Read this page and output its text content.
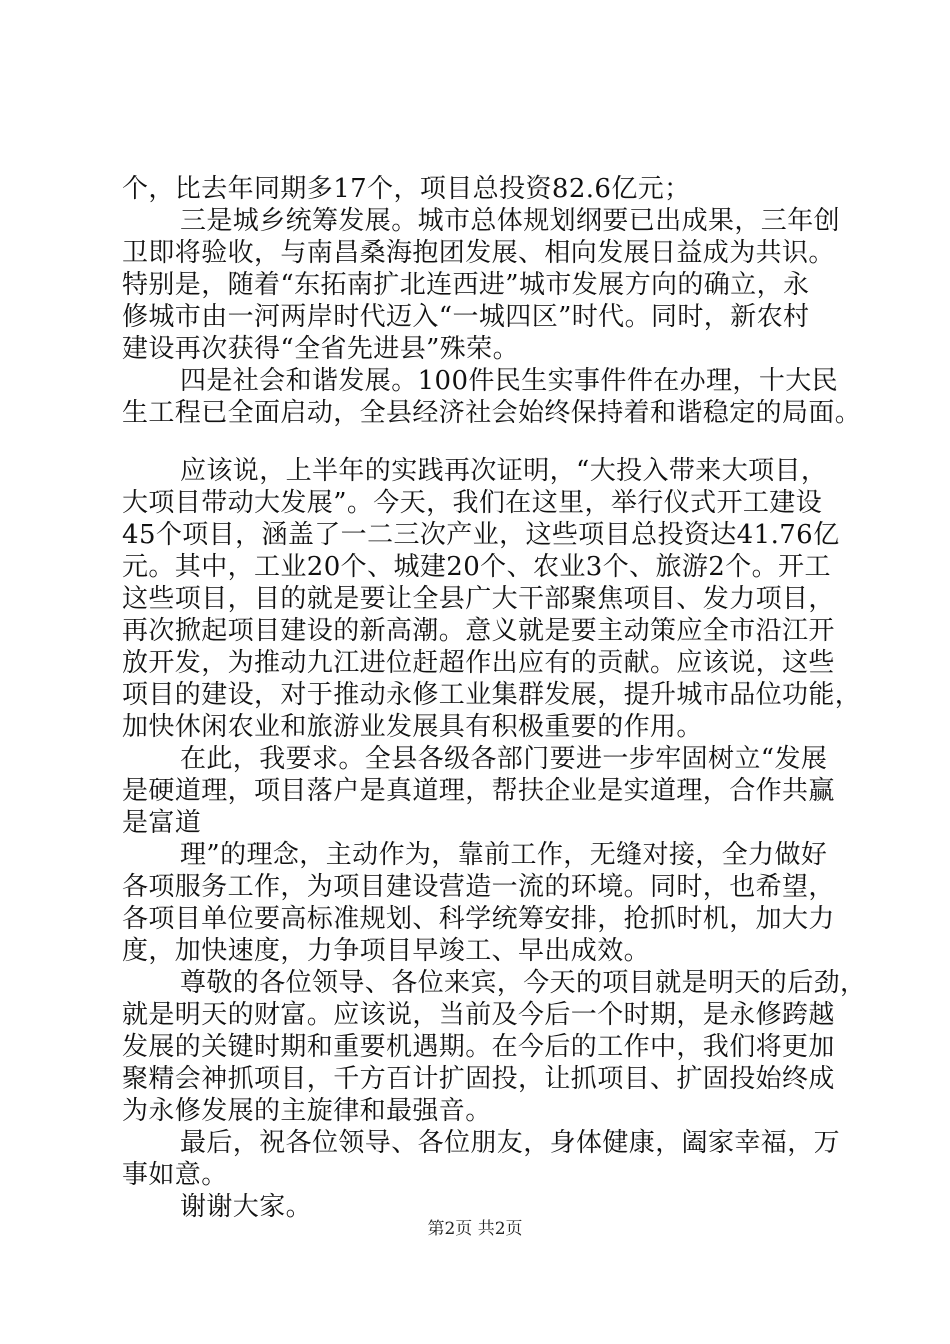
个，比去年同期多17个，项目总投资82.6亿元；
三是城乡统筹发展。城市总体规划纲要已出成果，三年创
卫即将验收，与南昌桑海抱团发展、相向发展日益成为共识。
特别是，随着“东拓南扩北连西进”城市发展方向的确立，永
修城市由一河两岸时代迈入“一城四区”时代。同时，新农村
建设再次获得“全省先进县”殊荣。
四是社会和谐发展。100件民生实事件件在办理，十大民
生工程已全面启动，全县经济社会始终保持着和谐稳定的局面。
应该说，上半年的实践再次证明，“大投入带来大项目，
大项目带动大发展”。今天，我们在这里，举行仪式开工建设
45个项目，涵盖了一二三次产业，这些项目总投资达41.76亿
元。其中，工业20个、城建20个、农业3个、旅游2个。开工
这些项目，目的就是要让全县广大干部聚焦项目、发力项目，
再次掀起项目建设的新高潮。意义就是要主动策应全市沿江开
放开发，为推动九江进位赶超作出应有的贡献。应该说，这些
项目的建设，对于推动永修工业集群发展，提升城市品位功能，
加快休闲农业和旅游业发展具有积极重要的作用。
在此，我要求。全县各级各部门要进一步牢固树立“发展
是硬道理，项目落户是真道理，帮扶企业是实道理，合作共赢
是富道
理”的理念，主动作为，靠前工作，无缝对接，全力做好
各项服务工作，为项目建设营造一流的环境。同时，也希望，
各项目单位要高标准规划、科学统筹安排，抢抓时机，加大力
度，加快速度，力争项目早竣工、早出成效。
尊敬的各位领导、各位来宾，今天的项目就是明天的后劲，
就是明天的财富。应该说，当前及今后一个时期，是永修跨越
发展的关键时期和重要机遇期。在今后的工作中，我们将更加
聚精会神抓项目，千方百计扩固投，让抓项目、扩固投始终成
为永修发展的主旋律和最强音。
最后，祝各位领导、各位朋友，身体健康，阖家幸福，万
事如意。
谢谢大家。
第2页 共2页
